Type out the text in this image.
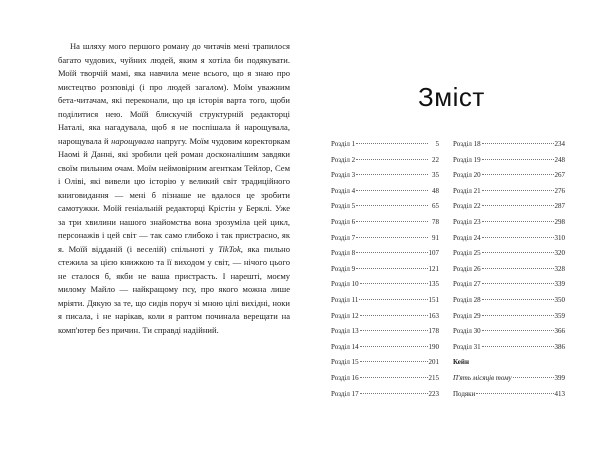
На шляху мого першого роману до читачів мені трапилося багато чудових, чуйних людей, яким я хотіла би подякувати. Моїй творчій мамі, яка навчила мене всього, що я знаю про мистецтво розповіді (і про людей загалом). Моїм уважним бета-читачам, які переконали, що ця історія варта того, щоби поділитися нею. Моїй блискучій структурній редакторці Наталі, яка нагадувала, щоб я не поспішала й нарощувала, нарощувала й нарощувала напругу. Моїм чудовим коректоркам Наомі й Данні, які зробили цей роман досконалішим завдяки своїм пильним очам. Моїм неймовірним агенткам Тейлор, Сем і Оліві, які вивели цю історію у великий світ традиційного книговидання — мені б пізнаше не вдалося це зробити самотужки. Моїй геніальній редакторці Крістін у Берклі. Уже за три хвилини нашого знайомства вона зрозуміла цей цикл, персонажів і цей світ — так само глибоко і так пристрасно, як я. Моїй відданій (і веселій) спільноті у TikTok, яка пильно стежила за цією книжкою та її виходом у світ, — нічого цього не сталося б, якби не ваша пристрасть. І нарешті, моєму милому Майло — найкращому псу, про якого можна лише мріяти. Дякую за те, що сидів поруч зі мною цілі вихідні, ноки я писала, і не нарікав, коли я раптом починала верещати на комп'ютер без причин. Ти справді надійний.

Зміст
Розділ 1	5
Розділ 2	22
Розділ 3	35
Розділ 4	48
Розділ 5	65
Розділ 6	78
Розділ 7	91
Розділ 8	107
Розділ 9	121
Розділ 10	135
Розділ 11	151
Розділ 12	163
Розділ 13	178
Розділ 14	190
Розділ 15	201
Розділ 16	215
Розділ 17	223
Розділ 18	234
Розділ 19	248
Розділ 20	267
Розділ 21	276
Розділ 22	287
Розділ 23	298
Розділ 24	310
Розділ 25	320
Розділ 26	328
Розділ 27	339
Розділ 28	350
Розділ 29	359
Розділ 30	366
Розділ 31	386
Кейн
П'ять місяців тому	399
Подяки	413
